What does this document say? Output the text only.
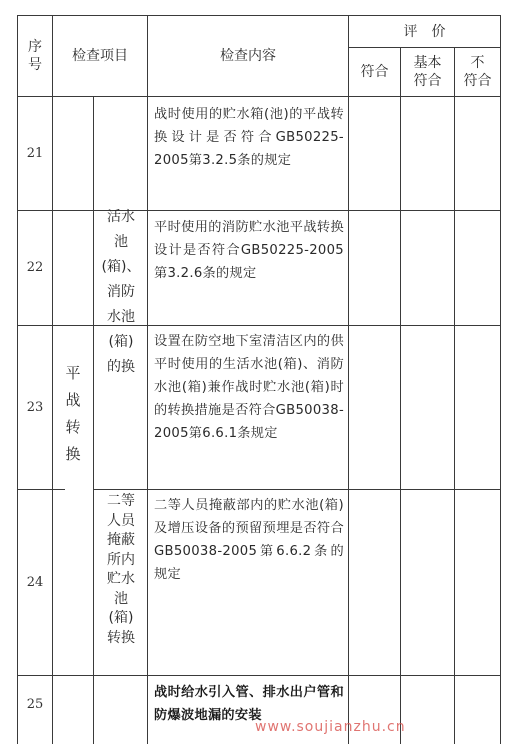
序
号
检查项目	检查内容
评　价
符合
基本
符合
不
符合
21
22
23
24
25
平
战
转
换
活水
池
(箱)、
消防
水池
(箱)
的换
二等
人员
掩蔽
所内
贮水
池
(箱)
转换
战时使用的贮水箱(池)的平战转换设计是否符合GB50225-2005第3.2.5条的规定
平时使用的消防贮水池平战转换设计是否符合GB50225-2005第3.2.6条的规定
设置在防空地下室清洁区内的供平时使用的生活水池(箱)、消防水池(箱)兼作战时贮水池(箱)时的转换措施是否符合GB50038-2005第6.6.1条规定
二等人员掩蔽部内的贮水池(箱)及增压设备的预留预埋是否符合GB50038-2005第6.6.2条的规定
战时给水引入管、排水出户管和防爆波地漏的安装
www.soujianzhu.cn
